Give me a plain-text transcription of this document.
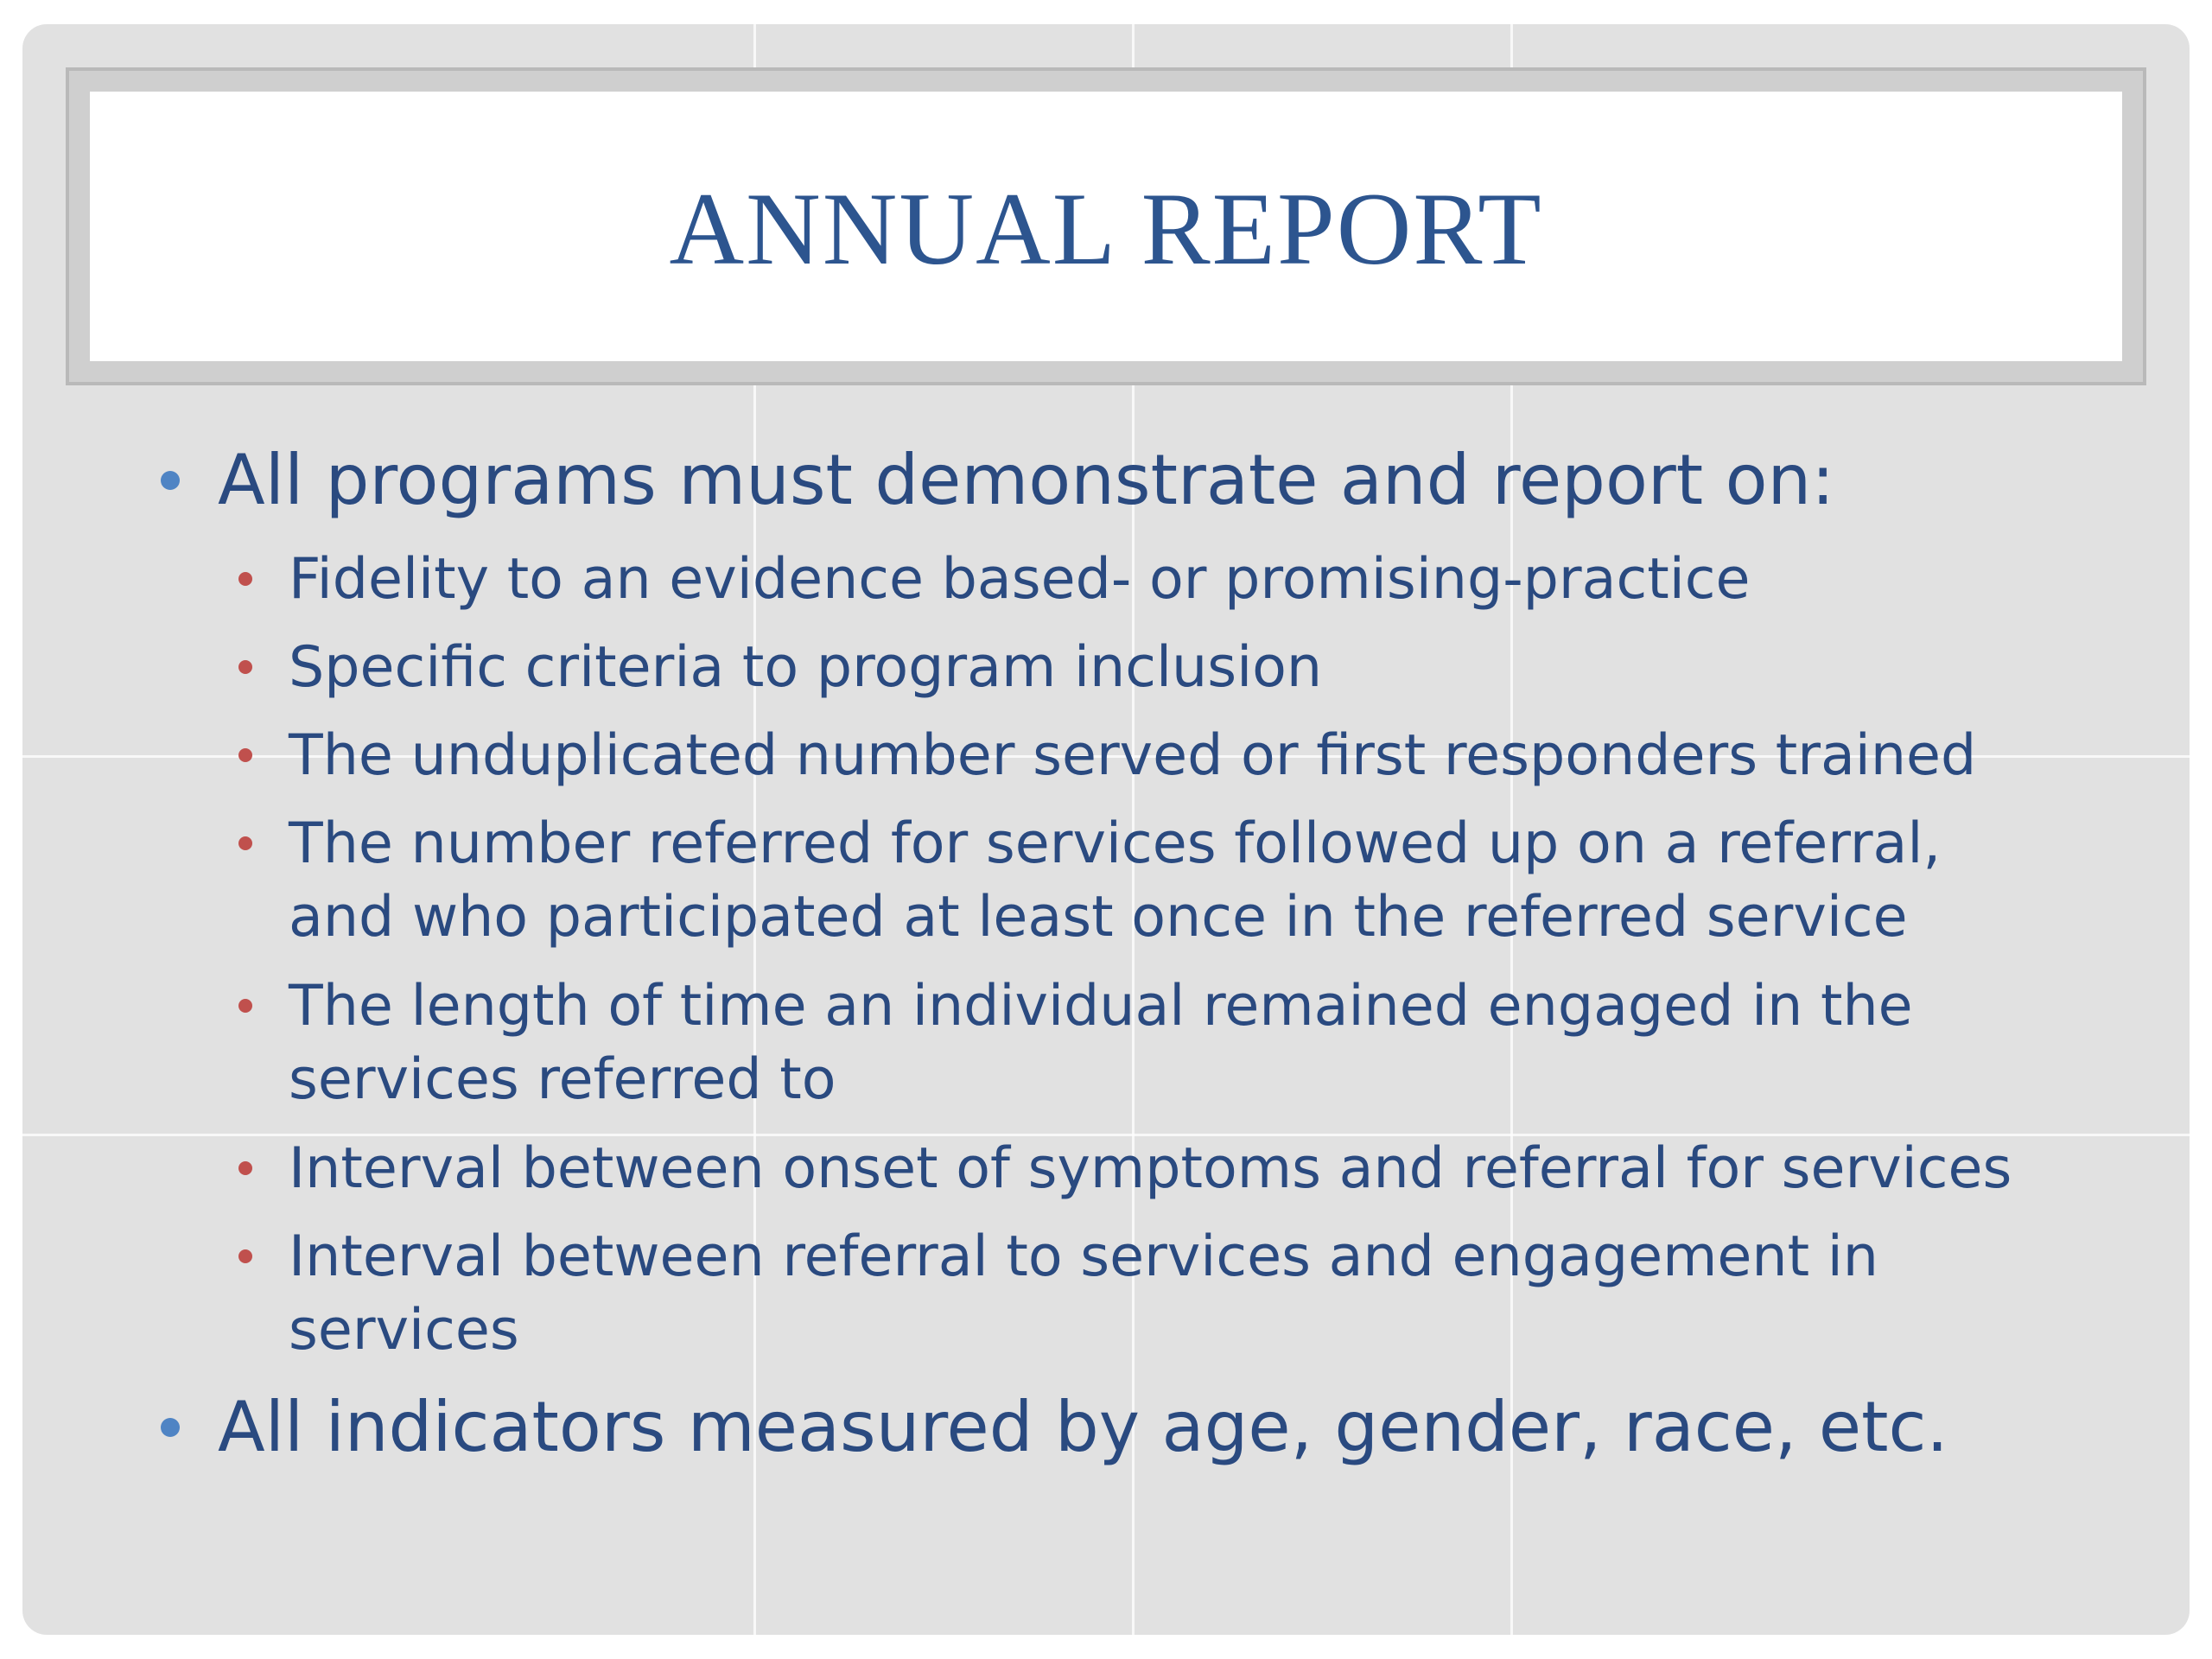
ANNUAL REPORT
All programs must demonstrate and report on:
Fidelity to an evidence based- or promising-practice
Specific criteria to program inclusion
The unduplicated number served or first responders trained
The number referred for services followed up on a referral,
and who participated at least once in the referred service
The length of time an individual remained engaged in the
services referred to
Interval between onset of symptoms and referral for services
Interval between referral to services and engagement in
services
All indicators measured by age, gender, race, etc.
